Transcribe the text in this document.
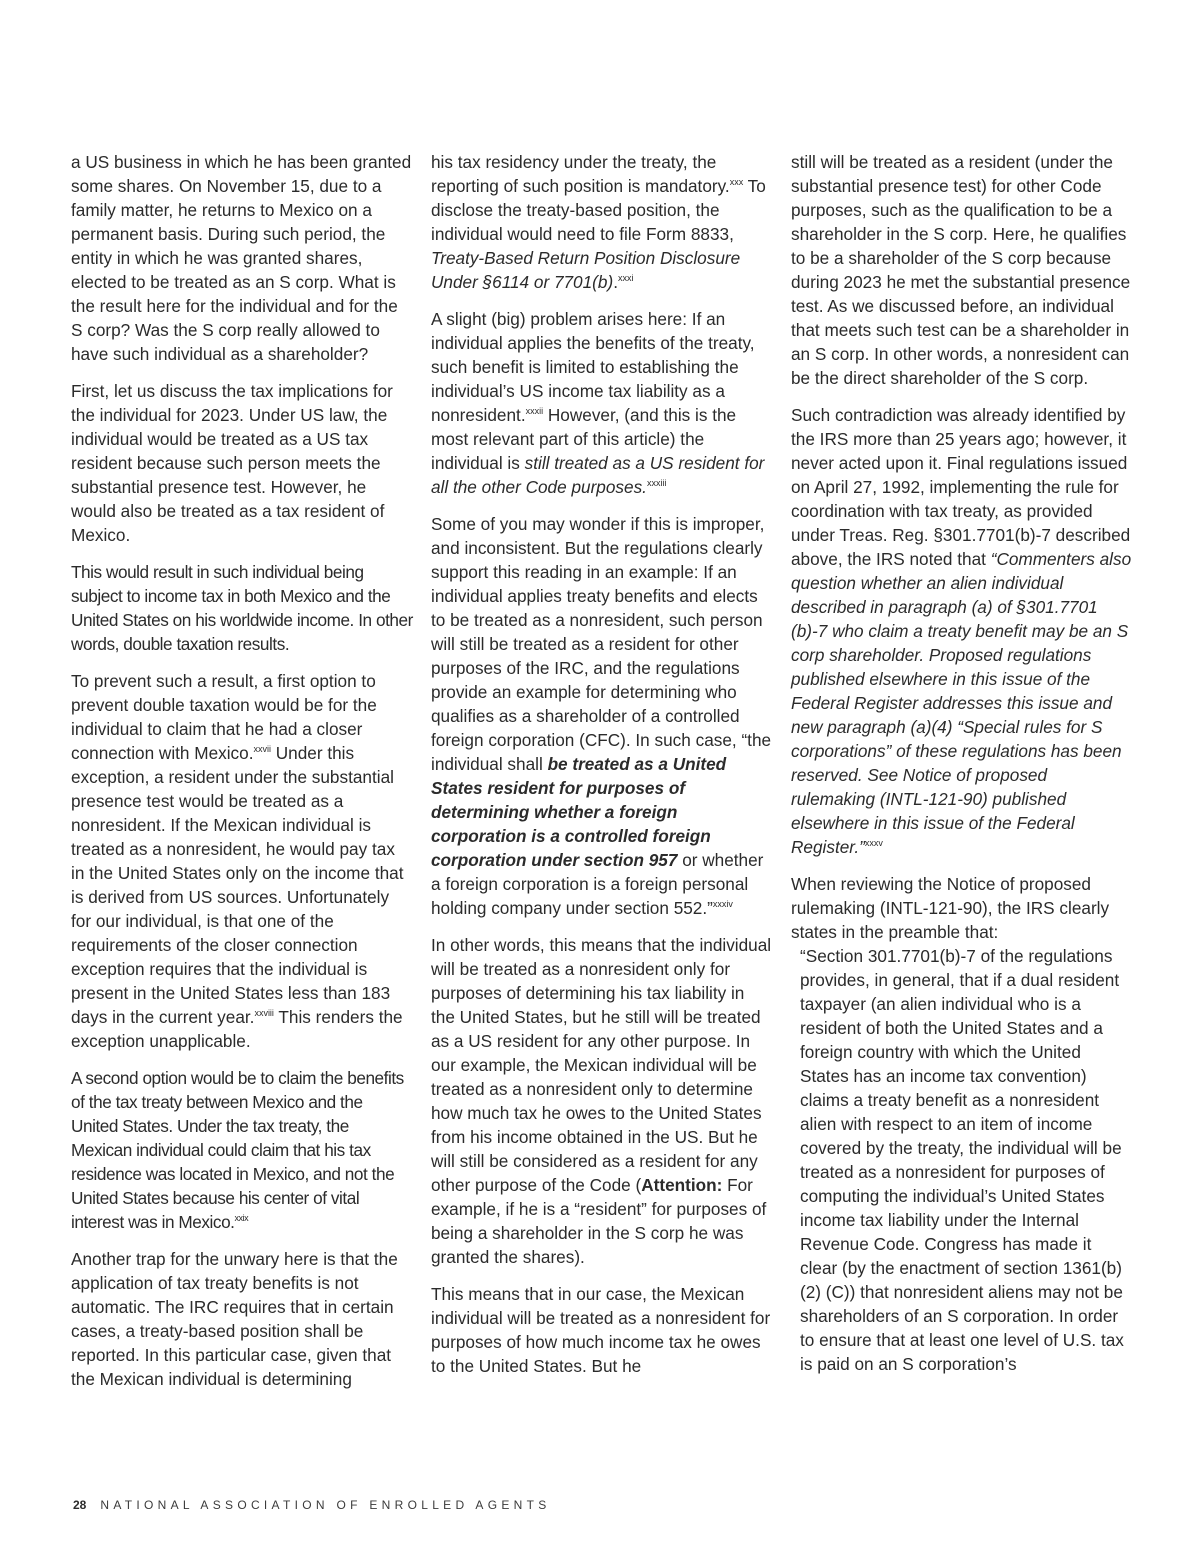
a US business in which he has been granted some shares. On November 15, due to a family matter, he returns to Mexico on a permanent basis. During such period, the entity in which he was granted shares, elected to be treated as an S corp. What is the result here for the individual and for the S corp? Was the S corp really allowed to have such individual as a shareholder?

First, let us discuss the tax implications for the individual for 2023. Under US law, the individual would be treated as a US tax resident because such person meets the substantial presence test. However, he would also be treated as a tax resident of Mexico.

This would result in such individual being subject to income tax in both Mexico and the United States on his worldwide income. In other words, double taxation results.

To prevent such a result, a first option to prevent double taxation would be for the individual to claim that he had a closer connection with Mexico.$^{xxvii}$ Under this exception, a resident under the substantial presence test would be treated as a nonresident. If the Mexican individual is treated as a nonresident, he would pay tax in the United States only on the income that is derived from US sources. Unfortunately for our individual, is that one of the requirements of the closer connection exception requires that the individual is present in the United States less than 183 days in the current year.$^{xxviii}$ This renders the exception unapplicable.

A second option would be to claim the benefits of the tax treaty between Mexico and the United States. Under the tax treaty, the Mexican individual could claim that his tax residence was located in Mexico, and not the United States because his center of vital interest was in Mexico.$^{xxix}$

Another trap for the unwary here is that the application of tax treaty benefits is not automatic. The IRC requires that in certain cases, a treaty-based position shall be reported. In this particular case, given that the Mexican individual is determining

his tax residency under the treaty, the reporting of such position is mandatory.$^{xxx}$ To disclose the treaty-based position, the individual would need to file Form 8833, Treaty-Based Return Position Disclosure Under §6114 or 7701(b).$^{xxxi}$

A slight (big) problem arises here: If an individual applies the benefits of the treaty, such benefit is limited to establishing the individual’s US income tax liability as a nonresident.$^{xxxii}$ However, (and this is the most relevant part of this article) the individual is still treated as a US resident for all the other Code purposes.$^{xxxiii}$

Some of you may wonder if this is improper, and inconsistent. But the regulations clearly support this reading in an example: If an individual applies treaty benefits and elects to be treated as a nonresident, such person will still be treated as a resident for other purposes of the IRC, and the regulations provide an example for determining who qualifies as a shareholder of a controlled foreign corporation (CFC). In such case, “the individual shall be treated as a United States resident for purposes of determining whether a foreign corporation is a controlled foreign corporation under section 957 or whether a foreign corporation is a foreign personal holding company under section 552.”$^{xxxiv}$

In other words, this means that the individual will be treated as a nonresident only for purposes of determining his tax liability in the United States, but he still will be treated as a US resident for any other purpose. In our example, the Mexican individual will be treated as a nonresident only to determine how much tax he owes to the United States from his income obtained in the US. But he will still be considered as a resident for any other purpose of the Code (Attention: For example, if he is a “resident” for purposes of being a shareholder in the S corp he was granted the shares).

This means that in our case, the Mexican individual will be treated as a nonresident for purposes of how much income tax he owes to the United States. But he

still will be treated as a resident (under the substantial presence test) for other Code purposes, such as the qualification to be a shareholder in the S corp. Here, he qualifies to be a shareholder of the S corp because during 2023 he met the substantial presence test. As we discussed before, an individual that meets such test can be a shareholder in an S corp. In other words, a nonresident can be the direct shareholder of the S corp.

Such contradiction was already identified by the IRS more than 25 years ago; however, it never acted upon it. Final regulations issued on April 27, 1992, implementing the rule for coordination with tax treaty, as provided under Treas. Reg. §301.7701(b)-7 described above, the IRS noted that “Commenters also question whether an alien individual described in paragraph (a) of §301.7701 (b)-7 who claim a treaty benefit may be an S corp shareholder. Proposed regulations published elsewhere in this issue of the Federal Register addresses this issue and new paragraph (a)(4) “Special rules for S corporations” of these regulations has been reserved. See Notice of proposed rulemaking (INTL-121-90) published elsewhere in this issue of the Federal Register.”$^{xxxv}$

When reviewing the Notice of proposed rulemaking (INTL-121-90), the IRS clearly states in the preamble that:

“Section 301.7701(b)-7 of the regulations provides, in general, that if a dual resident taxpayer (an alien individual who is a resident of both the United States and a foreign country with which the United States has an income tax convention) claims a treaty benefit as a nonresident alien with respect to an item of income covered by the treaty, the individual will be treated as a nonresident for purposes of computing the individual’s United States income tax liability under the Internal Revenue Code. Congress has made it clear (by the enactment of section 1361(b)(2) (C)) that nonresident aliens may not be shareholders of an S corporation. In order to ensure that at least one level of U.S. tax is paid on an S corporation’s

28 NATIONAL ASSOCIATION OF ENROLLED AGENTS
